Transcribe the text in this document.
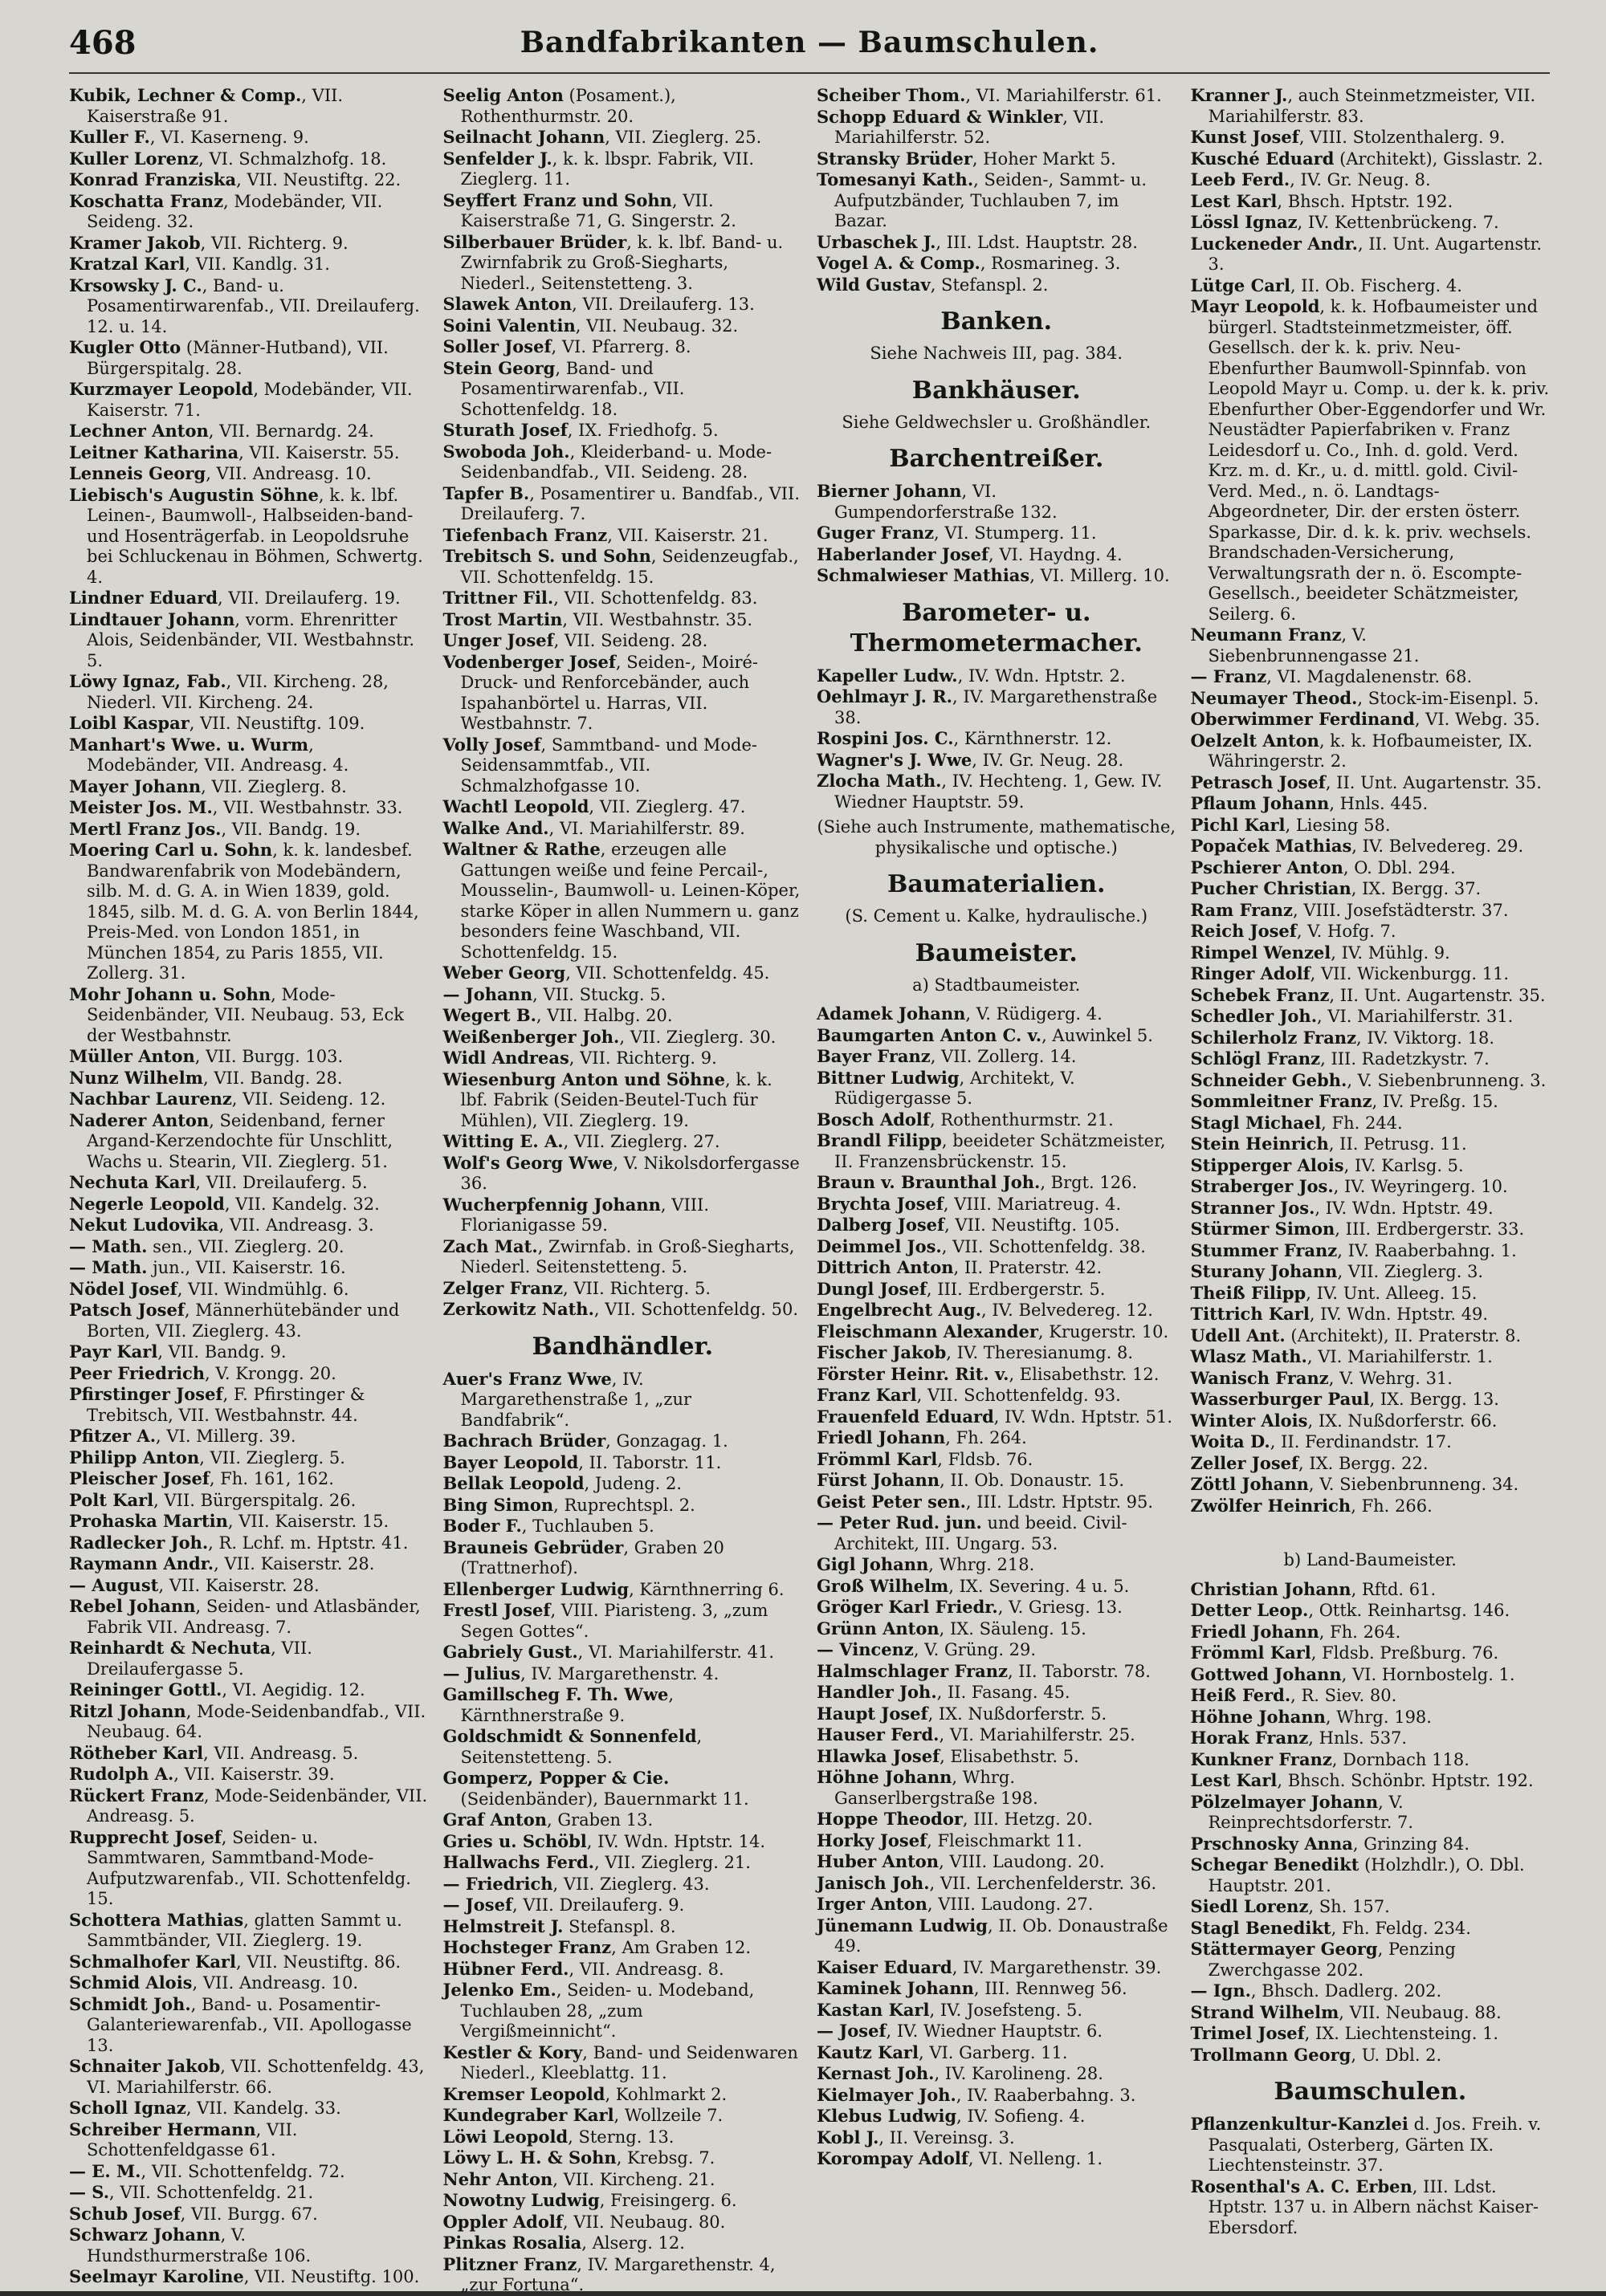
468	Bandfabrikanten — Baumschulen.

Kubik, Lechner & Comp., VII. Kaiserstraße 91.

Kuller F., VI. Kaserneng. 9.

Kuller Lorenz, VI. Schmalzhofg. 18.

Konrad Franziska, VII. Neustiftg. 22.

Koschatta Franz, Modebänder, VII. Seideng. 32.

Kramer Jakob, VII. Richterg. 9.

Kratzal Karl, VII. Kandlg. 31.

Krsowsky J. C., Band- u. Posamentirwarenfab., VII. Dreilauferg. 12. u. 14.

Kugler Otto (Männer-Hutband), VII. Bürgerspitalg. 28.

Kurzmayer Leopold, Modebänder, VII. Kaiserstr. 71.

Lechner Anton, VII. Bernardg. 24.

Leitner Katharina, VII. Kaiserstr. 55.

Lenneis Georg, VII. Andreasg. 10.

Liebisch's Augustin Söhne, k. k. lbf. Leinen-, Baumwoll-, Halbseiden-band- und Hosenträgerfab. in Leopoldsruhe bei Schluckenau in Böhmen, Schwertg. 4.

Lindner Eduard, VII. Dreilauferg. 19.

Lindtauer Johann, vorm. Ehrenritter Alois, Seidenbänder, VII. Westbahnstr. 5.

Löwy Ignaz, Fab., VII. Kircheng. 28, Niederl. VII. Kircheng. 24.

Loibl Kaspar, VII. Neustiftg. 109.

Manhart's Wwe. u. Wurm, Modebänder, VII. Andreasg. 4.

Mayer Johann, VII. Zieglerg. 8.

Meister Jos. M., VII. Westbahnstr. 33.

Mertl Franz Jos., VII. Bandg. 19.

Moering Carl u. Sohn, k. k. landesbef. Bandwarenfabrik von Modebändern, silb. M. d. G. A. in Wien 1839, gold. 1845, silb. M. d. G. A. von Berlin 1844, Preis-Med. von London 1851, in München 1854, zu Paris 1855, VII. Zollerg. 31.

Mohr Johann u. Sohn, Mode-Seidenbänder, VII. Neubaug. 53, Eck der Westbahnstr.

Müller Anton, VII. Burgg. 103.

Nunz Wilhelm, VII. Bandg. 28.

Nachbar Laurenz, VII. Seideng. 12.

Naderer Anton, Seidenband, ferner Argand-Kerzendochte für Unschlitt, Wachs u. Stearin, VII. Zieglerg. 51.

Nechuta Karl, VII. Dreilauferg. 5.

Negerle Leopold, VII. Kandelg. 32.

Nekut Ludovika, VII. Andreasg. 3.

— Math. sen., VII. Zieglerg. 20.

— Math. jun., VII. Kaiserstr. 16.

Nödel Josef, VII. Windmühlg. 6.

Patsch Josef, Männerhütebänder und Borten, VII. Zieglerg. 43.

Payr Karl, VII. Bandg. 9.

Peer Friedrich, V. Krongg. 20.

Pfirstinger Josef, F. Pfirstinger & Trebitsch, VII. Westbahnstr. 44.

Pfitzer A., VI. Millerg. 39.

Philipp Anton, VII. Zieglerg. 5.

Pleischer Josef, Fh. 161, 162.

Polt Karl, VII. Bürgerspitalg. 26.

Prohaska Martin, VII. Kaiserstr. 15.

Radlecker Joh., R. Lchf. m. Hptstr. 41.

Raymann Andr., VII. Kaiserstr. 28.

— August, VII. Kaiserstr. 28.

Rebel Johann, Seiden- und Atlasbänder, Fabrik VII. Andreasg. 7.

Reinhardt & Nechuta, VII. Dreilaufergasse 5.

Reininger Gottl., VI. Aegidig. 12.

Ritzl Johann, Mode-Seidenbandfab., VII. Neubaug. 64.

Rötheber Karl, VII. Andreasg. 5.

Rudolph A., VII. Kaiserstr. 39.

Rückert Franz, Mode-Seidenbänder, VII. Andreasg. 5.

Rupprecht Josef, Seiden- u. Sammtwaren, Sammtband-Mode-Aufputzwarenfab., VII. Schottenfeldg. 15.

Schottera Mathias, glatten Sammt u. Sammtbänder, VII. Zieglerg. 19.

Schmalhofer Karl, VII. Neustiftg. 86.

Schmid Alois, VII. Andreasg. 10.

Schmidt Joh., Band- u. Posamentir-Galanteriewarenfab., VII. Apollogasse 13.

Schnaiter Jakob, VII. Schottenfeldg. 43, VI. Mariahilferstr. 66.

Scholl Ignaz, VII. Kandelg. 33.

Schreiber Hermann, VII. Schottenfeldgasse 61.

— E. M., VII. Schottenfeldg. 72.

— S., VII. Schottenfeldg. 21.

Schub Josef, VII. Burgg. 67.

Schwarz Johann, V. Hundsthurmerstraße 106.

Seelmayr Karoline, VII. Neustiftg. 100.

Seelig Anton (Posament.), Rothenthurmstr. 20.

Seilnacht Johann, VII. Zieglerg. 25.

Senfelder J., k. k. lbspr. Fabrik, VII. Zieglerg. 11.

Seyffert Franz und Sohn, VII. Kaiserstraße 71, G. Singerstr. 2.

Silberbauer Brüder, k. k. lbf. Band- u. Zwirnfabrik zu Groß-Siegharts, Niederl., Seitenstetteng. 3.

Slawek Anton, VII. Dreilauferg. 13.

Soini Valentin, VII. Neubaug. 32.

Soller Josef, VI. Pfarrerg. 8.

Stein Georg, Band- und Posamentirwarenfab., VII. Schottenfeldg. 18.

Sturath Josef, IX. Friedhofg. 5.

Swoboda Joh., Kleiderband- u. Mode-Seidenbandfab., VII. Seideng. 28.

Tapfer B., Posamentirer u. Bandfab., VII. Dreilauferg. 7.

Tiefenbach Franz, VII. Kaiserstr. 21.

Trebitsch S. und Sohn, Seidenzeugfab., VII. Schottenfeldg. 15.

Trittner Fil., VII. Schottenfeldg. 83.

Trost Martin, VII. Westbahnstr. 35.

Unger Josef, VII. Seideng. 28.

Vodenberger Josef, Seiden-, Moiré-Druck- und Renforcebänder, auch Ispahanbörtel u. Harras, VII. Westbahnstr. 7.

Volly Josef, Sammtband- und Mode-Seidensammtfab., VII. Schmalzhofgasse 10.

Wachtl Leopold, VII. Zieglerg. 47.

Walke And., VI. Mariahilferstr. 89.

Waltner & Rathe, erzeugen alle Gattungen weiße und feine Percail-, Mousselin-, Baumwoll- u. Leinen-Köper, starke Köper in allen Nummern u. ganz besonders feine Waschband, VII. Schottenfeldg. 15.

Weber Georg, VII. Schottenfeldg. 45.

— Johann, VII. Stuckg. 5.

Wegert B., VII. Halbg. 20.

Weißenberger Joh., VII. Zieglerg. 30.

Widl Andreas, VII. Richterg. 9.

Wiesenburg Anton und Söhne, k. k. lbf. Fabrik (Seiden-Beutel-Tuch für Mühlen), VII. Zieglerg. 19.

Witting E. A., VII. Zieglerg. 27.

Wolf's Georg Wwe, V. Nikolsdorfergasse 36.

Wucherpfennig Johann, VIII. Florianigasse 59.

Zach Mat., Zwirnfab. in Groß-Siegharts, Niederl. Seitenstetteng. 5.

Zelger Franz, VII. Richterg. 5.

Zerkowitz Nath., VII. Schottenfeldg. 50.

Bandhändler.

Auer's Franz Wwe, IV. Margarethenstraße 1, „zur Bandfabrik“.

Bachrach Brüder, Gonzagag. 1.

Bayer Leopold, II. Taborstr. 11.

Bellak Leopold, Judeng. 2.

Bing Simon, Ruprechtspl. 2.

Boder F., Tuchlauben 5.

Brauneis Gebrüder, Graben 20 (Trattnerhof).

Ellenberger Ludwig, Kärnthnerring 6.

Frestl Josef, VIII. Piaristeng. 3, „zum Segen Gottes“.

Gabriely Gust., VI. Mariahilferstr. 41.

— Julius, IV. Margarethenstr. 4.

Gamillscheg F. Th. Wwe, Kärnthnerstraße 9.

Goldschmidt & Sonnenfeld, Seitenstetteng. 5.

Gomperz, Popper & Cie. (Seidenbänder), Bauernmarkt 11.

Graf Anton, Graben 13.

Gries u. Schöbl, IV. Wdn. Hptstr. 14.

Hallwachs Ferd., VII. Zieglerg. 21.

— Friedrich, VII. Zieglerg. 43.

— Josef, VII. Dreilauferg. 9.

Helmstreit J. Stefanspl. 8.

Hochsteger Franz, Am Graben 12.

Hübner Ferd., VII. Andreasg. 8.

Jelenko Em., Seiden- u. Modeband, Tuchlauben 28, „zum Vergißmeinnicht“.

Kestler & Kory, Band- und Seidenwaren Niederl., Kleeblattg. 11.

Kremser Leopold, Kohlmarkt 2.

Kundegraber Karl, Wollzeile 7.

Löwi Leopold, Sterng. 13.

Löwy L. H. & Sohn, Krebsg. 7.

Nehr Anton, VII. Kircheng. 21.

Nowotny Ludwig, Freisingerg. 6.

Oppler Adolf, VII. Neubaug. 80.

Pinkas Rosalia, Alserg. 12.

Plitzner Franz, IV. Margarethenstr. 4, „zur Fortuna“.

Scheiber Thom., VI. Mariahilferstr. 61.

Schopp Eduard & Winkler, VII. Mariahilferstr. 52.

Stransky Brüder, Hoher Markt 5.

Tomesanyi Kath., Seiden-, Sammt- u. Aufputzbänder, Tuchlauben 7, im Bazar.

Urbaschek J., III. Ldst. Hauptstr. 28.

Vogel A. & Comp., Rosmarineg. 3.

Wild Gustav, Stefanspl. 2.

Banken.
Siehe Nachweis III, pag. 384.
Bankhäuser.
Siehe Geldwechsler u. Großhändler.
Barchentreißer.

Bierner Johann, VI. Gumpendorferstraße 132.

Guger Franz, VI. Stumperg. 11.

Haberlander Josef, VI. Haydng. 4.

Schmalwieser Mathias, VI. Millerg. 10.

Barometer- u. Thermometermacher.

Kapeller Ludw., IV. Wdn. Hptstr. 2.

Oehlmayr J. R., IV. Margarethenstraße 38.

Rospini Jos. C., Kärnthnerstr. 12.

Wagner's J. Wwe, IV. Gr. Neug. 28.

Zlocha Math., IV. Hechteng. 1, Gew. IV. Wiedner Hauptstr. 59.

(Siehe auch Instrumente, mathematische, physikalische und optische.)
Baumaterialien.
(S. Cement u. Kalke, hydraulische.)
Baumeister.
a) Stadtbaumeister.

Adamek Johann, V. Rüdigerg. 4.

Baumgarten Anton C. v., Auwinkel 5.

Bayer Franz, VII. Zollerg. 14.

Bittner Ludwig, Architekt, V. Rüdigergasse 5.

Bosch Adolf, Rothenthurmstr. 21.

Brandl Filipp, beeideter Schätzmeister, II. Franzensbrückenstr. 15.

Braun v. Braunthal Joh., Brgt. 126.

Brychta Josef, VIII. Mariatreug. 4.

Dalberg Josef, VII. Neustiftg. 105.

Deimmel Jos., VII. Schottenfeldg. 38.

Dittrich Anton, II. Praterstr. 42.

Dungl Josef, III. Erdbergerstr. 5.

Engelbrecht Aug., IV. Belvedereg. 12.

Fleischmann Alexander, Krugerstr. 10.

Fischer Jakob, IV. Theresianumg. 8.

Förster Heinr. Rit. v., Elisabethstr. 12.

Franz Karl, VII. Schottenfeldg. 93.

Frauenfeld Eduard, IV. Wdn. Hptstr. 51.

Friedl Johann, Fh. 264.

Frömml Karl, Fldsb. 76.

Fürst Johann, II. Ob. Donaustr. 15.

Geist Peter sen., III. Ldstr. Hptstr. 95.

— Peter Rud. jun. und beeid. Civil-Architekt, III. Ungarg. 53.

Gigl Johann, Whrg. 218.

Groß Wilhelm, IX. Severing. 4 u. 5.

Gröger Karl Friedr., V. Griesg. 13.

Grünn Anton, IX. Säuleng. 15.

— Vincenz, V. Grüng. 29.

Halmschlager Franz, II. Taborstr. 78.

Handler Joh., II. Fasang. 45.

Haupt Josef, IX. Nußdorferstr. 5.

Hauser Ferd., VI. Mariahilferstr. 25.

Hlawka Josef, Elisabethstr. 5.

Höhne Johann, Whrg. Ganserlbergstraße 198.

Hoppe Theodor, III. Hetzg. 20.

Horky Josef, Fleischmarkt 11.

Huber Anton, VIII. Laudong. 20.

Janisch Joh., VII. Lerchenfelderstr. 36.

Irger Anton, VIII. Laudong. 27.

Jünemann Ludwig, II. Ob. Donaustraße 49.

Kaiser Eduard, IV. Margarethenstr. 39.

Kaminek Johann, III. Rennweg 56.

Kastan Karl, IV. Josefsteng. 5.

— Josef, IV. Wiedner Hauptstr. 6.

Kautz Karl, VI. Garberg. 11.

Kernast Joh., IV. Karolineng. 28.

Kielmayer Joh., IV. Raaberbahng. 3.

Klebus Ludwig, IV. Sofieng. 4.

Kobl J., II. Vereinsg. 3.

Korompay Adolf, VI. Nelleng. 1.

Kranner J., auch Steinmetzmeister, VII. Mariahilferstr. 83.

Kunst Josef, VIII. Stolzenthalerg. 9.

Kusché Eduard (Architekt), Gisslastr. 2.

Leeb Ferd., IV. Gr. Neug. 8.

Lest Karl, Bhsch. Hptstr. 192.

Lössl Ignaz, IV. Kettenbrückeng. 7.

Luckeneder Andr., II. Unt. Augartenstr. 3.

Lütge Carl, II. Ob. Fischerg. 4.

Mayr Leopold, k. k. Hofbaumeister und bürgerl. Stadtsteinmetzmeister, öff. Gesellsch. der k. k. priv. Neu-Ebenfurther Baumwoll-Spinnfab. von Leopold Mayr u. Comp. u. der k. k. priv. Ebenfurther Ober-Eggendorfer und Wr. Neustädter Papierfabriken v. Franz Leidesdorf u. Co., Inh. d. gold. Verd. Krz. m. d. Kr., u. d. mittl. gold. Civil-Verd. Med., n. ö. Landtags-Abgeordneter, Dir. der ersten österr. Sparkasse, Dir. d. k. k. priv. wechsels. Brandschaden-Versicherung, Verwaltungsrath der n. ö. Escompte-Gesellsch., beeideter Schätzmeister, Seilerg. 6.

Neumann Franz, V. Siebenbrunnengasse 21.

— Franz, VI. Magdalenenstr. 68.

Neumayer Theod., Stock-im-Eisenpl. 5.

Oberwimmer Ferdinand, VI. Webg. 35.

Oelzelt Anton, k. k. Hofbaumeister, IX. Währingerstr. 2.

Petrasch Josef, II. Unt. Augartenstr. 35.

Pflaum Johann, Hnls. 445.

Pichl Karl, Liesing 58.

Popaček Mathias, IV. Belvedereg. 29.

Pschierer Anton, O. Dbl. 294.

Pucher Christian, IX. Bergg. 37.

Ram Franz, VIII. Josefstädterstr. 37.

Reich Josef, V. Hofg. 7.

Rimpel Wenzel, IV. Mühlg. 9.

Ringer Adolf, VII. Wickenburgg. 11.

Schebek Franz, II. Unt. Augartenstr. 35.

Schedler Joh., VI. Mariahilferstr. 31.

Schilerholz Franz, IV. Viktorg. 18.

Schlögl Franz, III. Radetzkystr. 7.

Schneider Gebh., V. Siebenbrunneng. 3.

Sommleitner Franz, IV. Preßg. 15.

Stagl Michael, Fh. 244.

Stein Heinrich, II. Petrusg. 11.

Stipperger Alois, IV. Karlsg. 5.

Straberger Jos., IV. Weyringerg. 10.

Stranner Jos., IV. Wdn. Hptstr. 49.

Stürmer Simon, III. Erdbergerstr. 33.

Stummer Franz, IV. Raaberbahng. 1.

Sturany Johann, VII. Zieglerg. 3.

Theiß Filipp, IV. Unt. Alleeg. 15.

Tittrich Karl, IV. Wdn. Hptstr. 49.

Udell Ant. (Architekt), II. Praterstr. 8.

Wlasz Math., VI. Mariahilferstr. 1.

Wanisch Franz, V. Wehrg. 31.

Wasserburger Paul, IX. Bergg. 13.

Winter Alois, IX. Nußdorferstr. 66.

Woita D., II. Ferdinandstr. 17.

Zeller Josef, IX. Bergg. 22.

Zöttl Johann, V. Siebenbrunneng. 34.

Zwölfer Heinrich, Fh. 266.

b) Land-Baumeister.

Christian Johann, Rftd. 61.

Detter Leop., Ottk. Reinhartsg. 146.

Friedl Johann, Fh. 264.

Frömml Karl, Fldsb. Preßburg. 76.

Gottwed Johann, VI. Hornbostelg. 1.

Heiß Ferd., R. Siev. 80.

Höhne Johann, Whrg. 198.

Horak Franz, Hnls. 537.

Kunkner Franz, Dornbach 118.

Lest Karl, Bhsch. Schönbr. Hptstr. 192.

Pölzelmayer Johann, V. Reinprechtsdorferstr. 7.

Prschnosky Anna, Grinzing 84.

Schegar Benedikt (Holzhdlr.), O. Dbl. Hauptstr. 201.

Siedl Lorenz, Sh. 157.

Stagl Benedikt, Fh. Feldg. 234.

Stättermayer Georg, Penzing Zwerchgasse 202.

— Ign., Bhsch. Dadlerg. 202.

Strand Wilhelm, VII. Neubaug. 88.

Trimel Josef, IX. Liechtensteing. 1.

Trollmann Georg, U. Dbl. 2.

Baumschulen.

Pflanzenkultur-Kanzlei d. Jos. Freih. v. Pasqualati, Osterberg, Gärten IX. Liechtensteinstr. 37.

Rosenthal's A. C. Erben, III. Ldst. Hptstr. 137 u. in Albern nächst Kaiser-Ebersdorf.
